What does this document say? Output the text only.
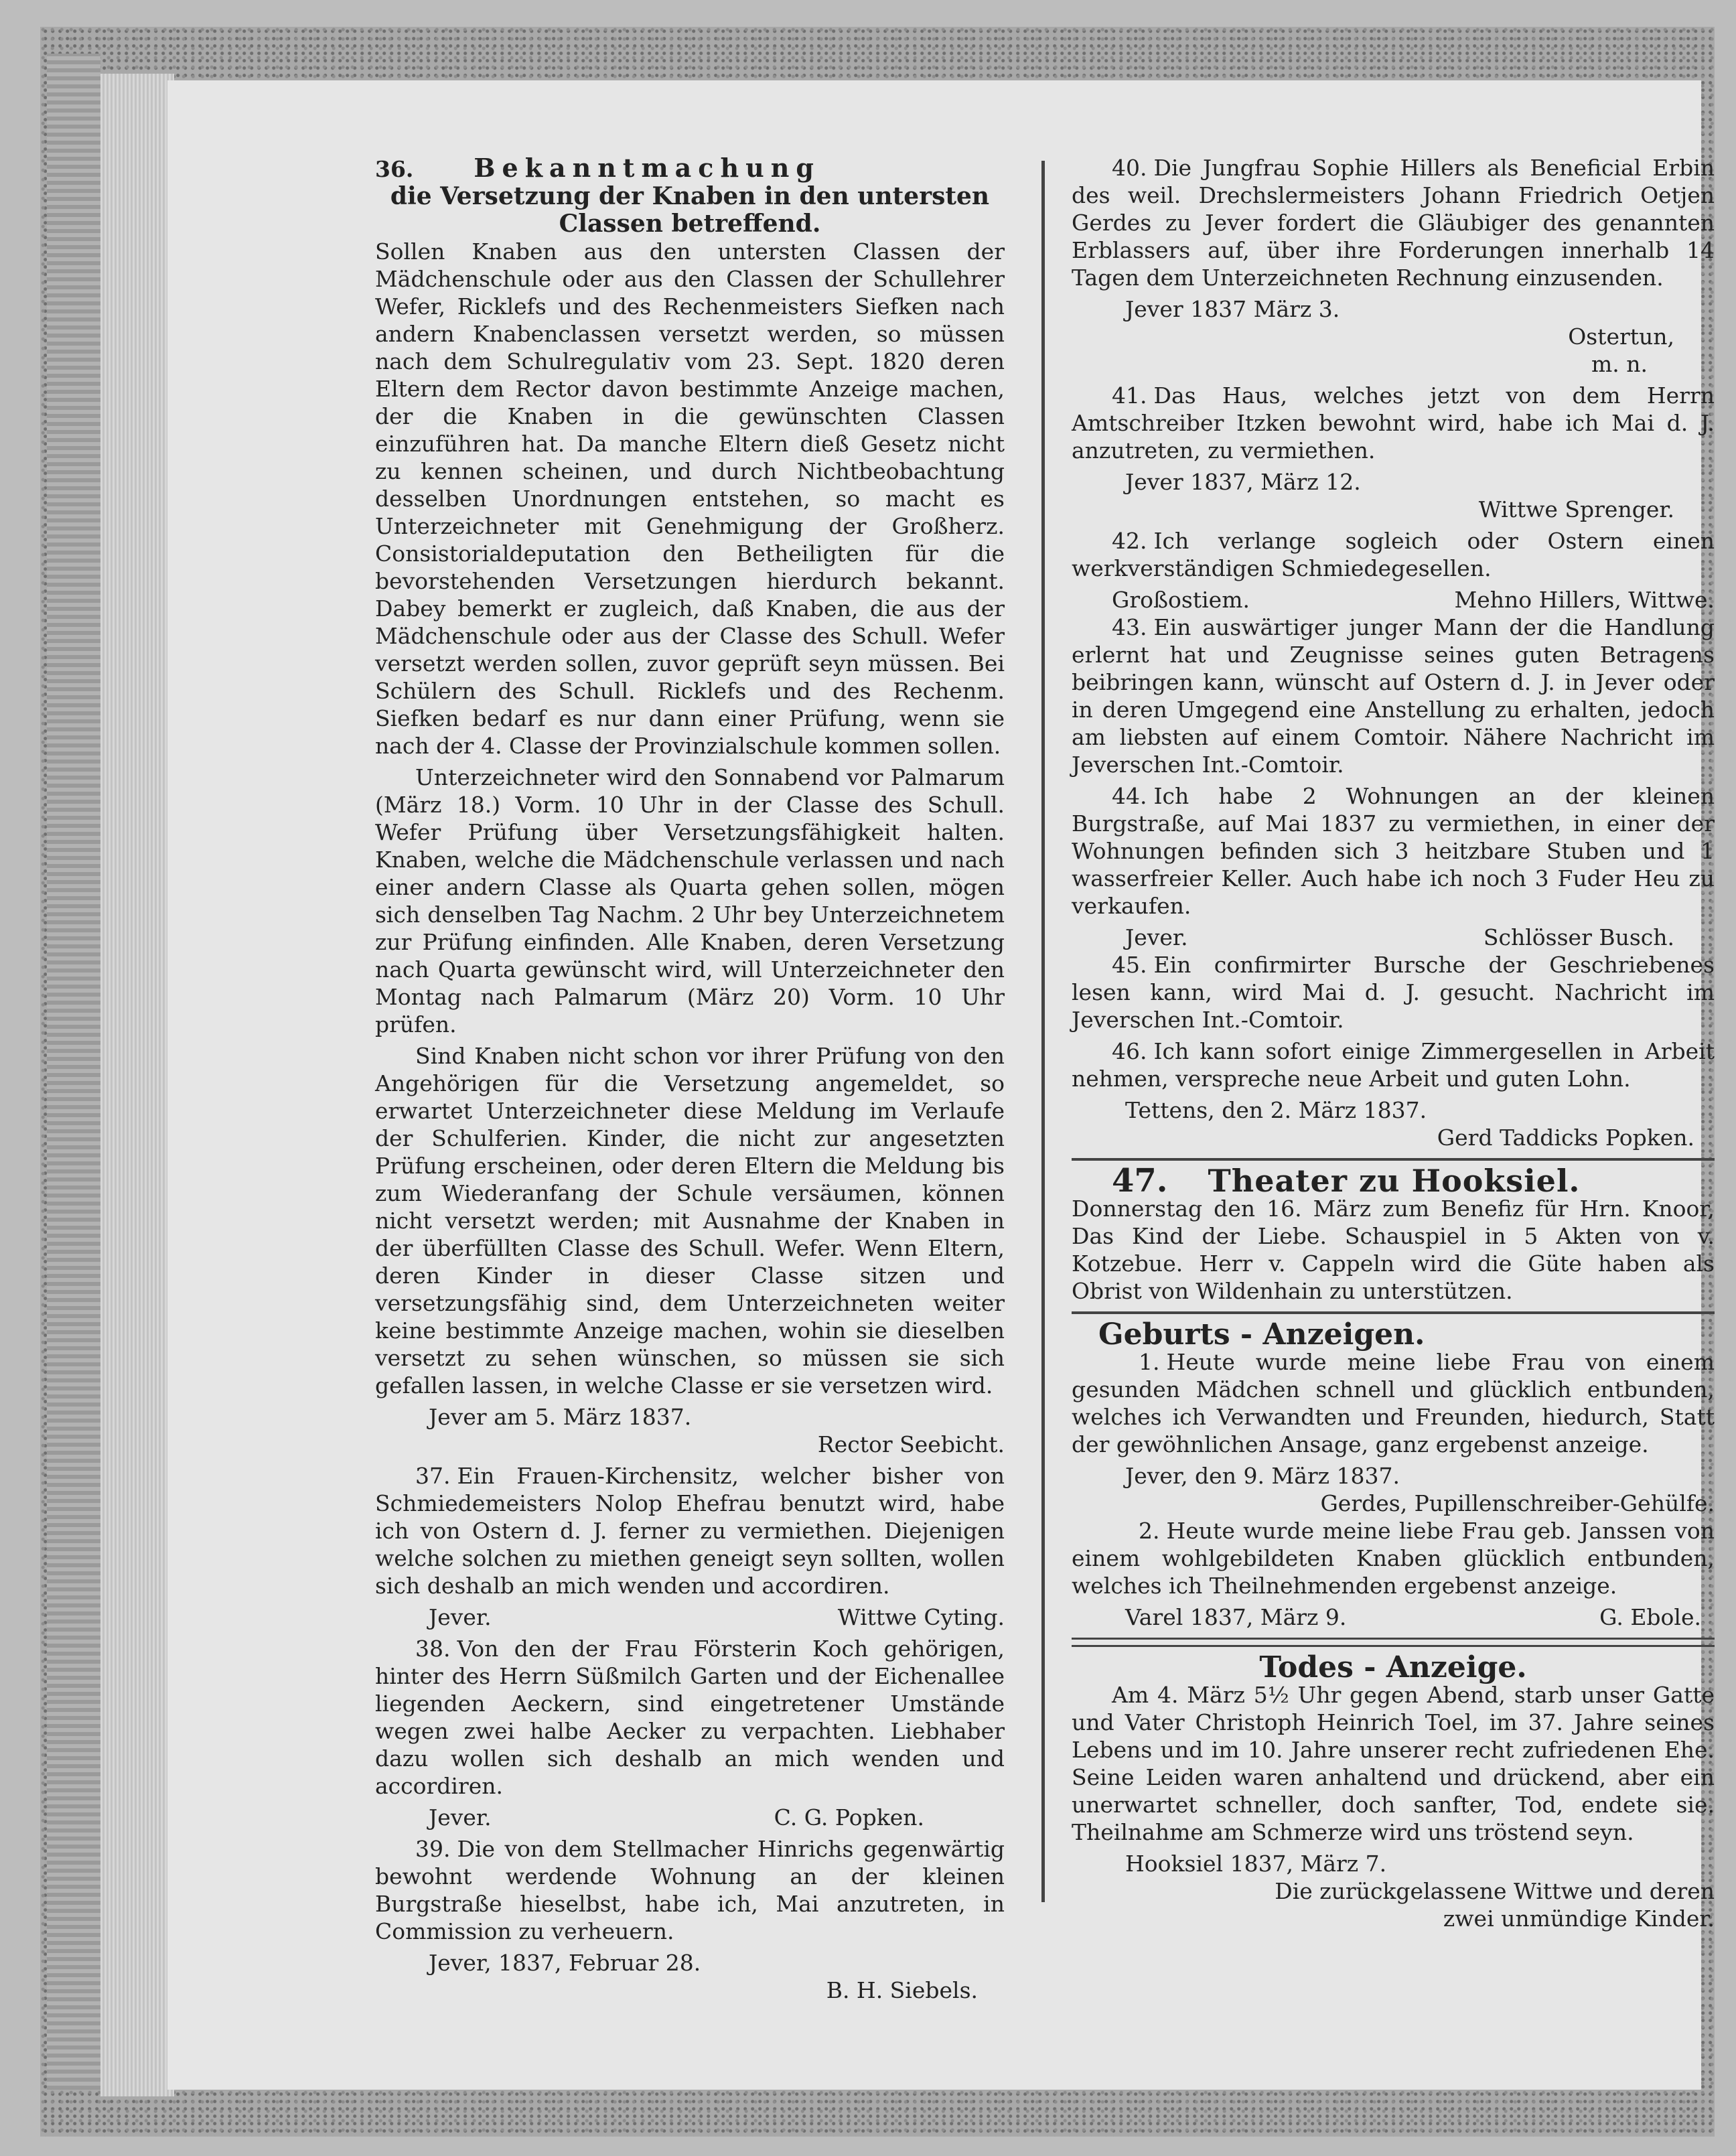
36. Bekanntmachung
die Versetzung der Knaben in den untersten
Classen betreffend.

Sollen Knaben aus den untersten Classen der Mädchenschule oder aus den Classen der Schullehrer Wefer, Ricklefs und des Rechenmeisters Siefken nach andern Knabenclassen versetzt werden, so müssen nach dem Schulregulativ vom 23. Sept. 1820 deren Eltern dem Rector davon bestimmte Anzeige machen, der die Knaben in die gewünschten Classen einzuführen hat. Da manche Eltern dieß Gesetz nicht zu kennen scheinen, und durch Nichtbeobachtung desselben Unordnungen entstehen, so macht es Unterzeichneter mit Genehmigung der Großherz. Consistorialdeputation den Betheiligten für die bevorstehenden Versetzungen hierdurch bekannt. Dabey bemerkt er zugleich, daß Knaben, die aus der Mädchenschule oder aus der Classe des Schull. Wefer versetzt werden sollen, zuvor geprüft seyn müssen. Bei Schülern des Schull. Ricklefs und des Rechenm. Siefken bedarf es nur dann einer Prüfung, wenn sie nach der 4. Classe der Provinzialschule kommen sollen.

Unterzeichneter wird den Sonnabend vor Palmarum (März 18.) Vorm. 10 Uhr in der Classe des Schull. Wefer Prüfung über Versetzungsfähigkeit halten. Knaben, welche die Mädchenschule verlassen und nach einer andern Classe als Quarta gehen sollen, mögen sich denselben Tag Nachm. 2 Uhr bey Unterzeichnetem zur Prüfung einfinden. Alle Knaben, deren Versetzung nach Quarta gewünscht wird, will Unterzeichneter den Montag nach Palmarum (März 20) Vorm. 10 Uhr prüfen.

Sind Knaben nicht schon vor ihrer Prüfung von den Angehörigen für die Versetzung angemeldet, so erwartet Unterzeichneter diese Meldung im Verlaufe der Schulferien. Kinder, die nicht zur angesetzten Prüfung erscheinen, oder deren Eltern die Meldung bis zum Wiederanfang der Schule versäumen, können nicht versetzt werden; mit Ausnahme der Knaben in der überfüllten Classe des Schull. Wefer. Wenn Eltern, deren Kinder in dieser Classe sitzen und versetzungsfähig sind, dem Unterzeichneten weiter keine bestimmte Anzeige machen, wohin sie dieselben versetzt zu sehen wünschen, so müssen sie sich gefallen lassen, in welche Classe er sie versetzen wird.

Jever am 5. März 1837.
Rector Seebicht.

37. Ein Frauen-Kirchensitz, welcher bisher von Schmiedemeisters Nolop Ehefrau benutzt wird, habe ich von Ostern d. J. ferner zu vermiethen. Diejenigen welche solchen zu miethen geneigt seyn sollten, wollen sich deshalb an mich wenden und accordiren.

Jever.	Wittwe Cyting.

38. Von den der Frau Försterin Koch gehörigen, hinter des Herrn Süßmilch Garten und der Eichenallee liegenden Aeckern, sind eingetretener Umstände wegen zwei halbe Aecker zu verpachten. Liebhaber dazu wollen sich deshalb an mich wenden und accordiren.

Jever.	C. G. Popken.

39. Die von dem Stellmacher Hinrichs gegenwärtig bewohnt werdende Wohnung an der kleinen Burgstraße hieselbst, habe ich, Mai anzutreten, in Commission zu verheuern.

Jever, 1837, Februar 28.
B. H. Siebels.

40. Die Jungfrau Sophie Hillers als Beneficial Erbin des weil. Drechslermeisters Johann Friedrich Oetjen Gerdes zu Jever fordert die Gläubiger des genannten Erblassers auf, über ihre Forderungen innerhalb 14 Tagen dem Unterzeichneten Rechnung einzusenden.

Jever 1837 März 3.
Ostertun,
m. n.

41. Das Haus, welches jetzt von dem Herrn Amtschreiber Itzken bewohnt wird, habe ich Mai d. J. anzutreten, zu vermiethen.

Jever 1837, März 12.
Wittwe Sprenger.

42. Ich verlange sogleich oder Ostern einen werkverständigen Schmiedegesellen.

Großostiem.	Mehno Hillers, Wittwe.

43. Ein auswärtiger junger Mann der die Handlung erlernt hat und Zeugnisse seines guten Betragens beibringen kann, wünscht auf Ostern d. J. in Jever oder in deren Umgegend eine Anstellung zu erhalten, jedoch am liebsten auf einem Comtoir. Nähere Nachricht im Jeverschen Int.-Comtoir.

44. Ich habe 2 Wohnungen an der kleinen Burgstraße, auf Mai 1837 zu vermiethen, in einer der Wohnungen befinden sich 3 heitzbare Stuben und 1 wasserfreier Keller. Auch habe ich noch 3 Fuder Heu zu verkaufen.

Jever.	Schlösser Busch.

45. Ein confirmirter Bursche der Geschriebenes lesen kann, wird Mai d. J. gesucht. Nachricht im Jeverschen Int.-Comtoir.

46. Ich kann sofort einige Zimmergesellen in Arbeit nehmen, verspreche neue Arbeit und guten Lohn.

Tettens, den 2. März 1837.
Gerd Taddicks Popken.
47. Theater zu Hooksiel.

Donnerstag den 16. März zum Benefiz für Hrn. Knoor, Das Kind der Liebe. Schauspiel in 5 Akten von v. Kotzebue. Herr v. Cappeln wird die Güte haben als Obrist von Wildenhain zu unterstützen.

Geburts - Anzeigen.

1. Heute wurde meine liebe Frau von einem gesunden Mädchen schnell und glücklich entbunden, welches ich Verwandten und Freunden, hiedurch, Statt der gewöhnlichen Ansage, ganz ergebenst anzeige.

Jever, den 9. März 1837.
Gerdes, Pupillenschreiber-Gehülfe.

2. Heute wurde meine liebe Frau geb. Janssen von einem wohlgebildeten Knaben glücklich entbunden, welches ich Theilnehmenden ergebenst anzeige.

Varel 1837, März 9.	G. Ebole.
Todes - Anzeige.

Am 4. März 5½ Uhr gegen Abend, starb unser Gatte und Vater Christoph Heinrich Toel, im 37. Jahre seines Lebens und im 10. Jahre unserer recht zufriedenen Ehe. Seine Leiden waren anhaltend und drückend, aber ein unerwartet schneller, doch sanfter, Tod, endete sie. Theilnahme am Schmerze wird uns tröstend seyn.

Hooksiel 1837, März 7.
Die zurückgelassene Wittwe und deren zwei unmündige Kinder.
